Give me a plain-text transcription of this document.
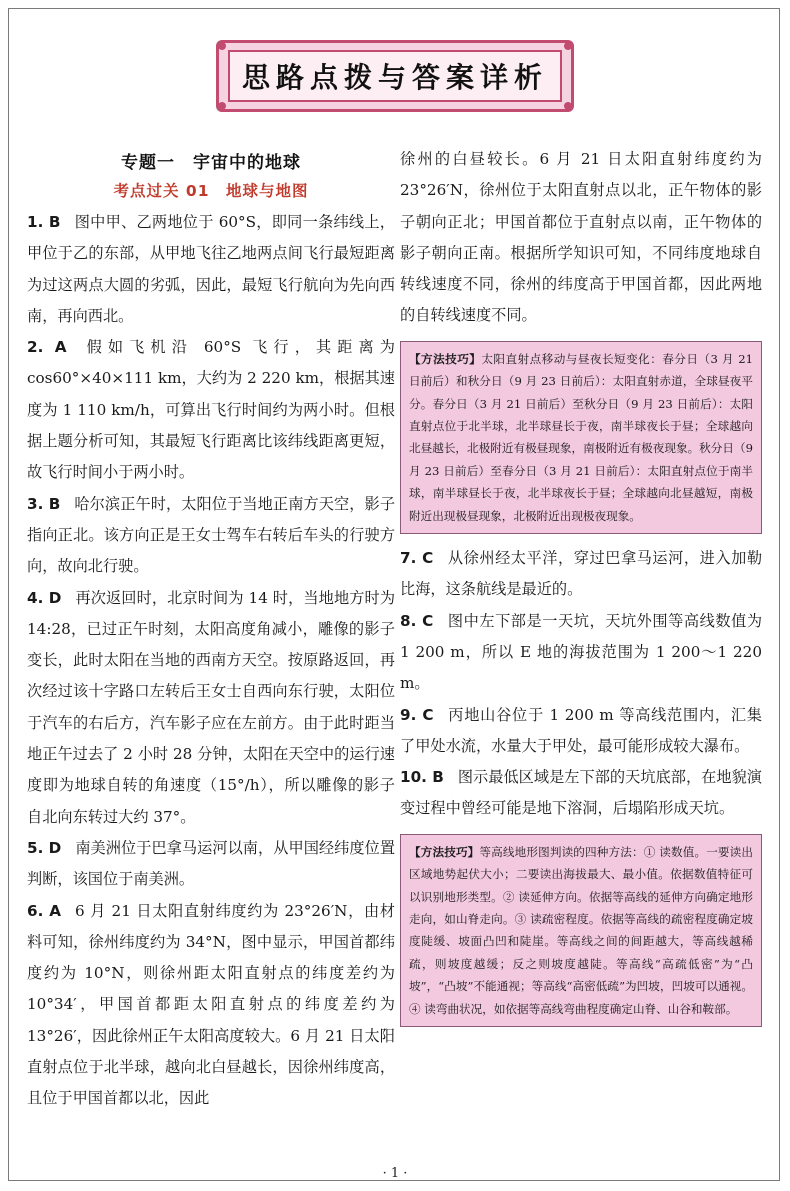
思路点拨与答案详析
专题一　宇宙中的地球
考点过关 01　地球与地图

1. B 图中甲、乙两地位于 60°S，即同一条纬线上，甲位于乙的东部，从甲地飞往乙地两点间飞行最短距离为过这两点大圆的劣弧，因此，最短飞行航向为先向西南，再向西北。

2. A 假如飞机沿 60°S 飞行，其距离为 cos60°×40×111 km，大约为 2 220 km，根据其速度为 1 110 km/h，可算出飞行时间约为两小时。但根据上题分析可知，其最短飞行距离比该纬线距离更短，故飞行时间小于两小时。

3. B 哈尔滨正午时，太阳位于当地正南方天空，影子指向正北。该方向正是王女士驾车右转后车头的行驶方向，故向北行驶。

4. D 再次返回时，北京时间为 14 时，当地地方时为 14:28，已过正午时刻，太阳高度角减小，雕像的影子变长，此时太阳在当地的西南方天空。按原路返回，再次经过该十字路口左转后王女士自西向东行驶，太阳位于汽车的右后方，汽车影子应在左前方。由于此时距当地正午过去了 2 小时 28 分钟，太阳在天空中的运行速度即为地球自转的角速度（15°/h），所以雕像的影子自北向东转过大约 37°。

5. D 南美洲位于巴拿马运河以南，从甲国经纬度位置判断，该国位于南美洲。

6. A 6 月 21 日太阳直射纬度约为 23°26′N，由材料可知，徐州纬度约为 34°N，图中显示，甲国首都纬度约为 10°N，则徐州距太阳直射点的纬度差约为 10°34′，甲国首都距太阳直射点的纬度差约为 13°26′，因此徐州正午太阳高度较大。6 月 21 日太阳直射点位于北半球，越向北白昼越长，因徐州纬度高，且位于甲国首都以北，因此

徐州的白昼较长。6 月 21 日太阳直射纬度约为 23°26′N，徐州位于太阳直射点以北，正午物体的影子朝向正北；甲国首都位于直射点以南，正午物体的影子朝向正南。根据所学知识可知，不同纬度地球自转线速度不同，徐州的纬度高于甲国首都，因此两地的自转线速度不同。

【方法技巧】太阳直射点移动与昼夜长短变化：春分日（3 月 21 日前后）和秋分日（9 月 23 日前后）：太阳直射赤道，全球昼夜平分。春分日（3 月 21 日前后）至秋分日（9 月 23 日前后）：太阳直射点位于北半球，北半球昼长于夜，南半球夜长于昼；全球越向北昼越长，北极附近有极昼现象，南极附近有极夜现象。秋分日（9 月 23 日前后）至春分日（3 月 21 日前后）：太阳直射点位于南半球，南半球昼长于夜，北半球夜长于昼；全球越向北昼越短，南极附近出现极昼现象，北极附近出现极夜现象。

7. C 从徐州经太平洋，穿过巴拿马运河，进入加勒比海，这条航线是最近的。

8. C 图中左下部是一天坑，天坑外围等高线数值为 1 200 m，所以 E 地的海拔范围为 1 200～1 220 m。

9. C 丙地山谷位于 1 200 m 等高线范围内，汇集了甲处水流，水量大于甲处，最可能形成较大瀑布。

10. B 图示最低区域是左下部的天坑底部，在地貌演变过程中曾经可能是地下溶洞，后塌陷形成天坑。

【方法技巧】等高线地形图判读的四种方法：① 读数值。一要读出区域地势起伏大小；二要读出海拔最大、最小值。依据数值特征可以识别地形类型。② 读延伸方向。依据等高线的延伸方向确定地形走向，如山脊走向。③ 读疏密程度。依据等高线的疏密程度确定坡度陡缓、坡面凸凹和陡崖。等高线之间的间距越大，等高线越稀疏，则坡度越缓；反之则坡度越陡。等高线“高疏低密”为“凸坡”，“凸坡”不能通视；等高线“高密低疏”为凹坡，凹坡可以通视。④ 读弯曲状况，如依据等高线弯曲程度确定山脊、山谷和鞍部。
· 1 ·
